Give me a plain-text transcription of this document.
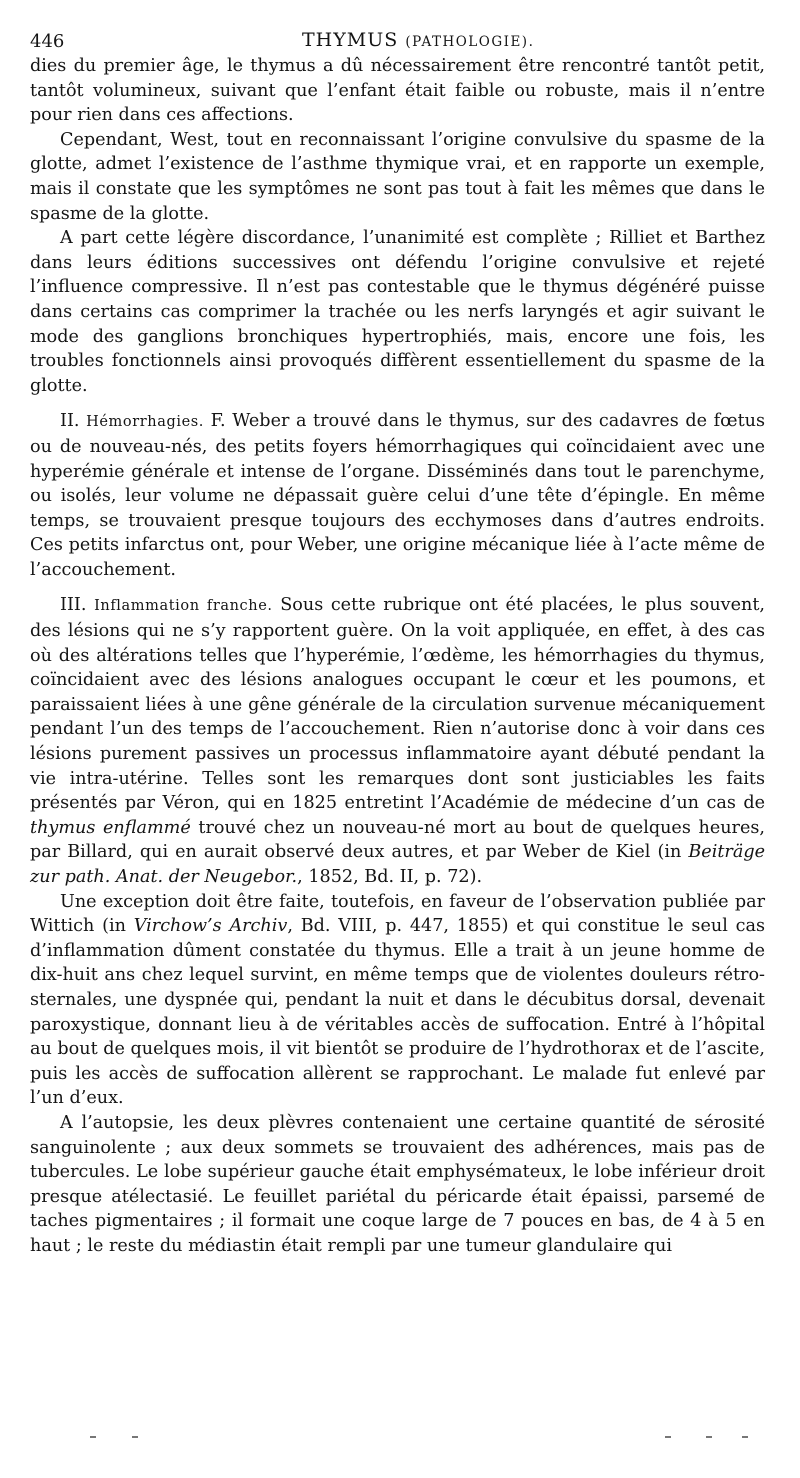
446	THYMUS (PATHOLOGIE).

dies du premier âge, le thymus a dû nécessairement être rencontré tantôt petit, tantôt volumineux, suivant que l’enfant était faible ou robuste, mais il n’entre pour rien dans ces affections.

Cependant, West, tout en reconnaissant l’origine convulsive du spasme de la glotte, admet l’existence de l’asthme thymique vrai, et en rapporte un exemple, mais il constate que les symptômes ne sont pas tout à fait les mêmes que dans le spasme de la glotte.

A part cette légère discordance, l’unanimité est complète ; Rilliet et Barthez dans leurs éditions successives ont défendu l’origine convulsive et rejeté l’influence compressive. Il n’est pas contestable que le thymus dégénéré puisse dans certains cas comprimer la trachée ou les nerfs laryngés et agir suivant le mode des ganglions bronchiques hypertrophiés, mais, encore une fois, les troubles fonctionnels ainsi provoqués diffèrent essentiellement du spasme de la glotte.

II. Hémorrhagies. F. Weber a trouvé dans le thymus, sur des cadavres de fœtus ou de nouveau-nés, des petits foyers hémorrhagiques qui coïncidaient avec une hyperémie générale et intense de l’organe. Disséminés dans tout le parenchyme, ou isolés, leur volume ne dépassait guère celui d’une tête d’épingle. En même temps, se trouvaient presque toujours des ecchymoses dans d’autres endroits. Ces petits infarctus ont, pour Weber, une origine mécanique liée à l’acte même de l’accouchement.

III. Inflammation franche. Sous cette rubrique ont été placées, le plus souvent, des lésions qui ne s’y rapportent guère. On la voit appliquée, en effet, à des cas où des altérations telles que l’hyperémie, l’œdème, les hémorrhagies du thymus, coïncidaient avec des lésions analogues occupant le cœur et les poumons, et paraissaient liées à une gêne générale de la circulation survenue mécaniquement pendant l’un des temps de l’accouchement. Rien n’autorise donc à voir dans ces lésions purement passives un processus inflammatoire ayant débuté pendant la vie intra-utérine. Telles sont les remarques dont sont justiciables les faits présentés par Véron, qui en 1825 entretint l’Académie de médecine d’un cas de thymus enflammé trouvé chez un nouveau-né mort au bout de quelques heures, par Billard, qui en aurait observé deux autres, et par Weber de Kiel (in Beiträge zur path. Anat. der Neugebor., 1852, Bd. II, p. 72).

Une exception doit être faite, toutefois, en faveur de l’observation publiée par Wittich (in Virchow’s Archiv, Bd. VIII, p. 447, 1855) et qui constitue le seul cas d’inflammation dûment constatée du thymus. Elle a trait à un jeune homme de dix-huit ans chez lequel survint, en même temps que de violentes douleurs rétro-sternales, une dyspnée qui, pendant la nuit et dans le décubitus dorsal, devenait paroxystique, donnant lieu à de véritables accès de suffocation. Entré à l’hôpital au bout de quelques mois, il vit bientôt se produire de l’hydrothorax et de l’ascite, puis les accès de suffocation allèrent se rapprochant. Le malade fut enlevé par l’un d’eux.

A l’autopsie, les deux plèvres contenaient une certaine quantité de sérosité sanguinolente ; aux deux sommets se trouvaient des adhérences, mais pas de tubercules. Le lobe supérieur gauche était emphysémateux, le lobe inférieur droit presque atélectasié. Le feuillet pariétal du péricarde était épaissi, parsemé de taches pigmentaires ; il formait une coque large de 7 pouces en bas, de 4 à 5 en haut ; le reste du médiastin était rempli par une tumeur glandulaire qui
